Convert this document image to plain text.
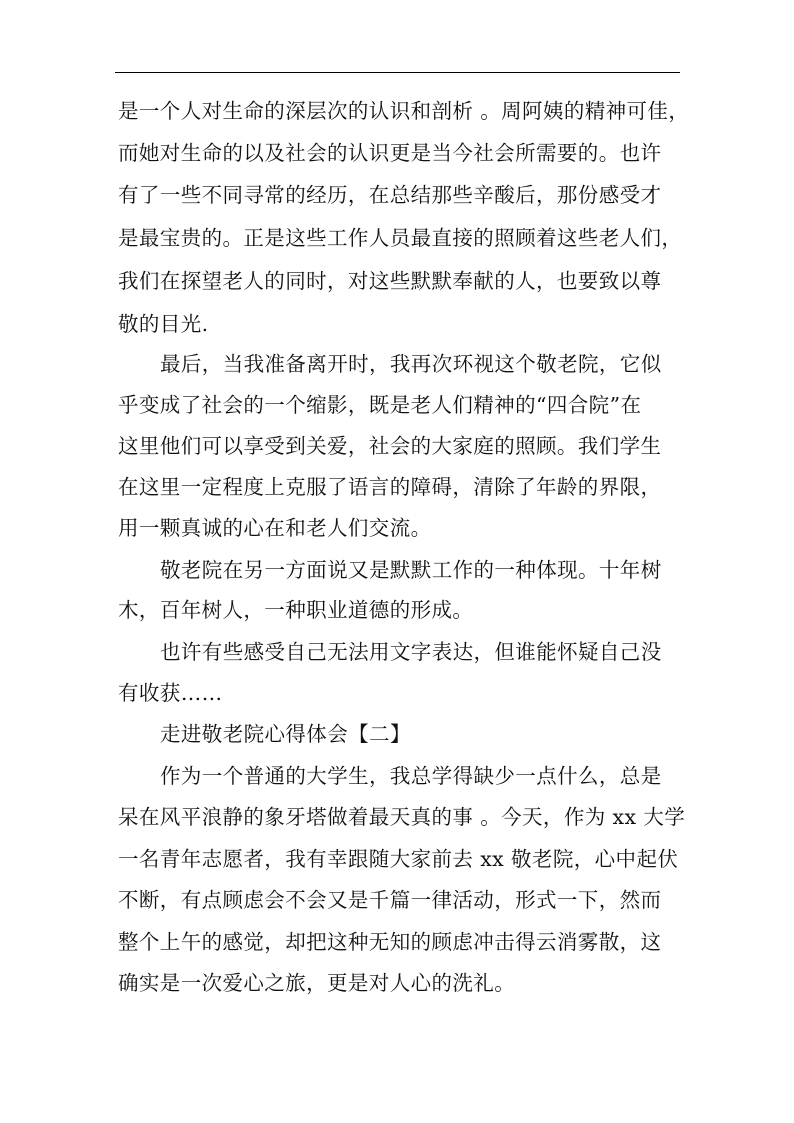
是一个人对生命的深层次的认识和剖析 。周阿姨的精神可佳，
而她对生命的以及社会的认识更是当今社会所需要的。也许
有了一些不同寻常的经历，在总结那些辛酸后，那份感受才
是最宝贵的。正是这些工作人员最直接的照顾着这些老人们，
我们在探望老人的同时，对这些默默奉献的人，也要致以尊
敬的目光.
最后，当我准备离开时，我再次环视这个敬老院，它似
乎变成了社会的一个缩影，既是老人们精神的“四合院”在
这里他们可以享受到关爱，社会的大家庭的照顾。我们学生
在这里一定程度上克服了语言的障碍，清除了年龄的界限，
用一颗真诚的心在和老人们交流。
敬老院在另一方面说又是默默工作的一种体现。十年树
木，百年树人，一种职业道德的形成。
也许有些感受自己无法用文字表达，但谁能怀疑自己没
有收获……
走进敬老院心得体会【二】
作为一个普通的大学生，我总学得缺少一点什么，总是
呆在风平浪静的象牙塔做着最天真的事 。今天，作为 xx 大学
一名青年志愿者，我有幸跟随大家前去 xx 敬老院，心中起伏
不断，有点顾虑会不会又是千篇一律活动，形式一下，然而
整个上午的感觉，却把这种无知的顾虑冲击得云消雾散，这
确实是一次爱心之旅，更是对人心的洗礼。
